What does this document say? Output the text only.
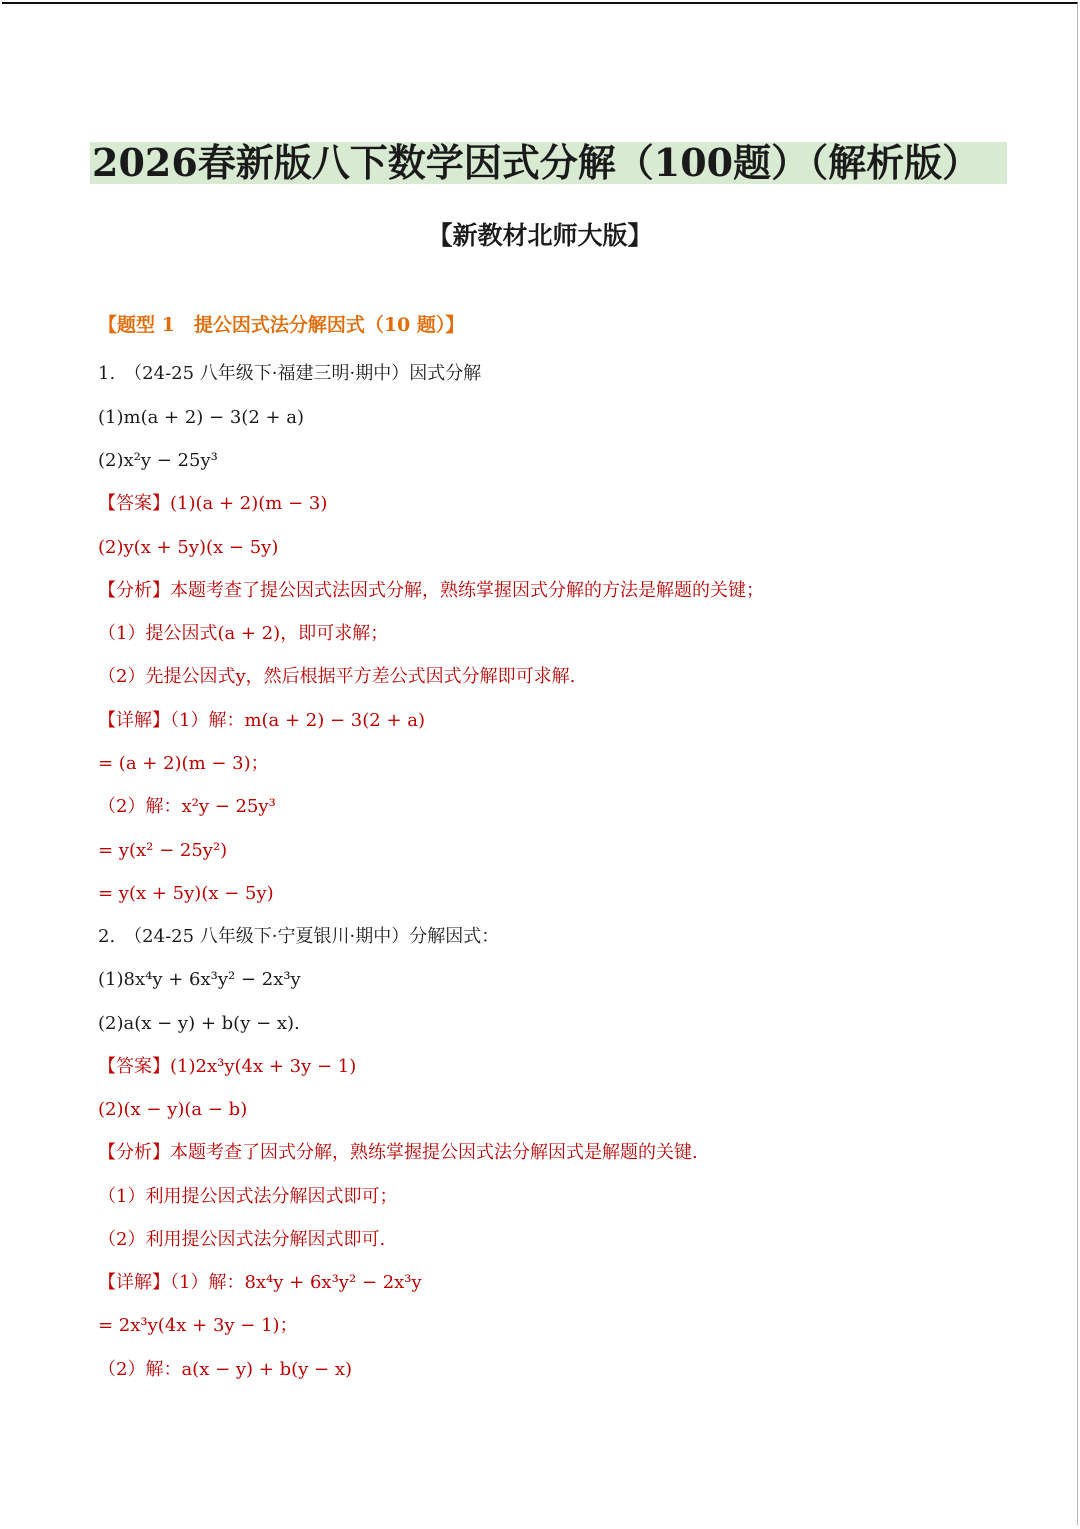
2026春新版八下数学因式分解（100题）（解析版）
【新教材北师大版】
【题型 1　提公因式法分解因式（10 题）】
1.　（24-25 八年级下·福建三明·期中）因式分解
(1)m(a + 2) − 3(2 + a)
(2)x²y − 25y³
【答案】(1)(a + 2)(m − 3)
(2)y(x + 5y)(x − 5y)
【分析】本题考查了提公因式法因式分解，熟练掌握因式分解的方法是解题的关键；
（1）提公因式(a + 2)，即可求解；
（2）先提公因式y，然后根据平方差公式因式分解即可求解.
【详解】（1）解：m(a + 2) − 3(2 + a)
= (a + 2)(m − 3)；
（2）解：x²y − 25y³
= y(x² − 25y²)
= y(x + 5y)(x − 5y)
2.　（24-25 八年级下·宁夏银川·期中）分解因式：
(1)8x⁴y + 6x³y² − 2x³y
(2)a(x − y) + b(y − x).
【答案】(1)2x³y(4x + 3y − 1)
(2)(x − y)(a − b)
【分析】本题考查了因式分解，熟练掌握提公因式法分解因式是解题的关键.
（1）利用提公因式法分解因式即可；
（2）利用提公因式法分解因式即可.
【详解】（1）解：8x⁴y + 6x³y² − 2x³y
= 2x³y(4x + 3y − 1)；
（2）解：a(x − y) + b(y − x)
